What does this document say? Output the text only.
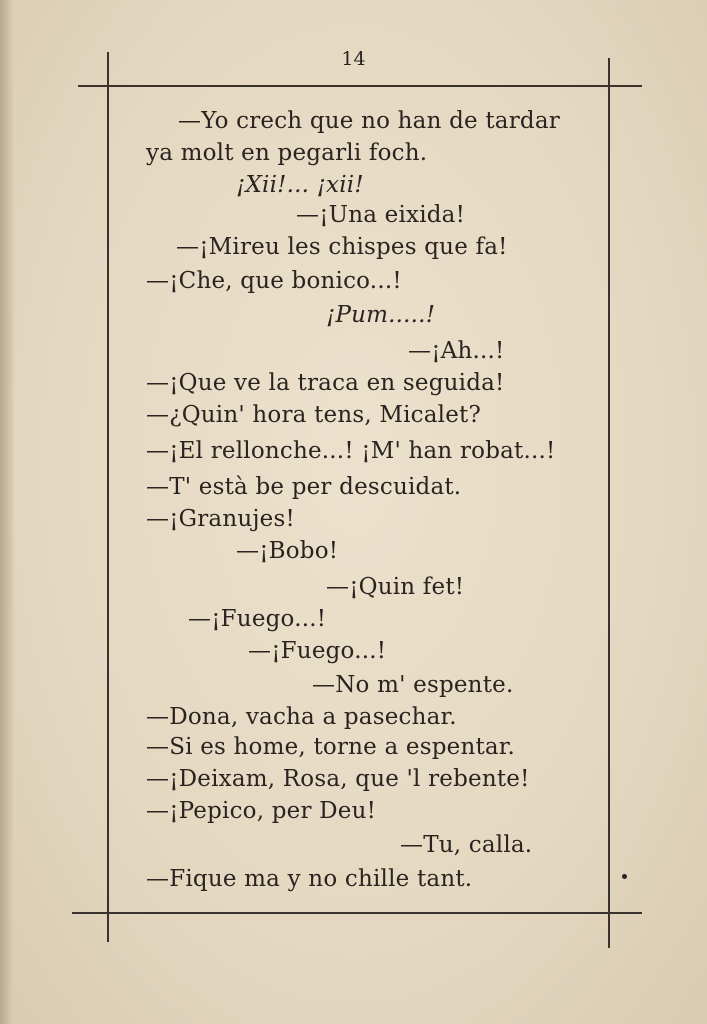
14
—Yo crech que no han de tardar
ya molt en pegarli foch.
¡Xii!... ¡xii!
—¡Una eixida!
—¡Mireu les chispes que fa!
—¡Che, que bonico...!
¡Pum.....!
—¡Ah...!
—¡Que ve la traca en seguida!
—¿Quin' hora tens, Micalet?
—¡El rellonche...! ¡M' han robat...!
—T' està be per descuidat.
—¡Granujes!
—¡Bobo!
—¡Quin fet!
—¡Fuego...!
—¡Fuego...!
—No m' espente.
—Dona, vacha a pasechar.
—Si es home, torne a espentar.
—¡Deixam, Rosa, que 'l rebente!
—¡Pepico, per Deu!
—Tu, calla.
—Fique ma y no chille tant.
